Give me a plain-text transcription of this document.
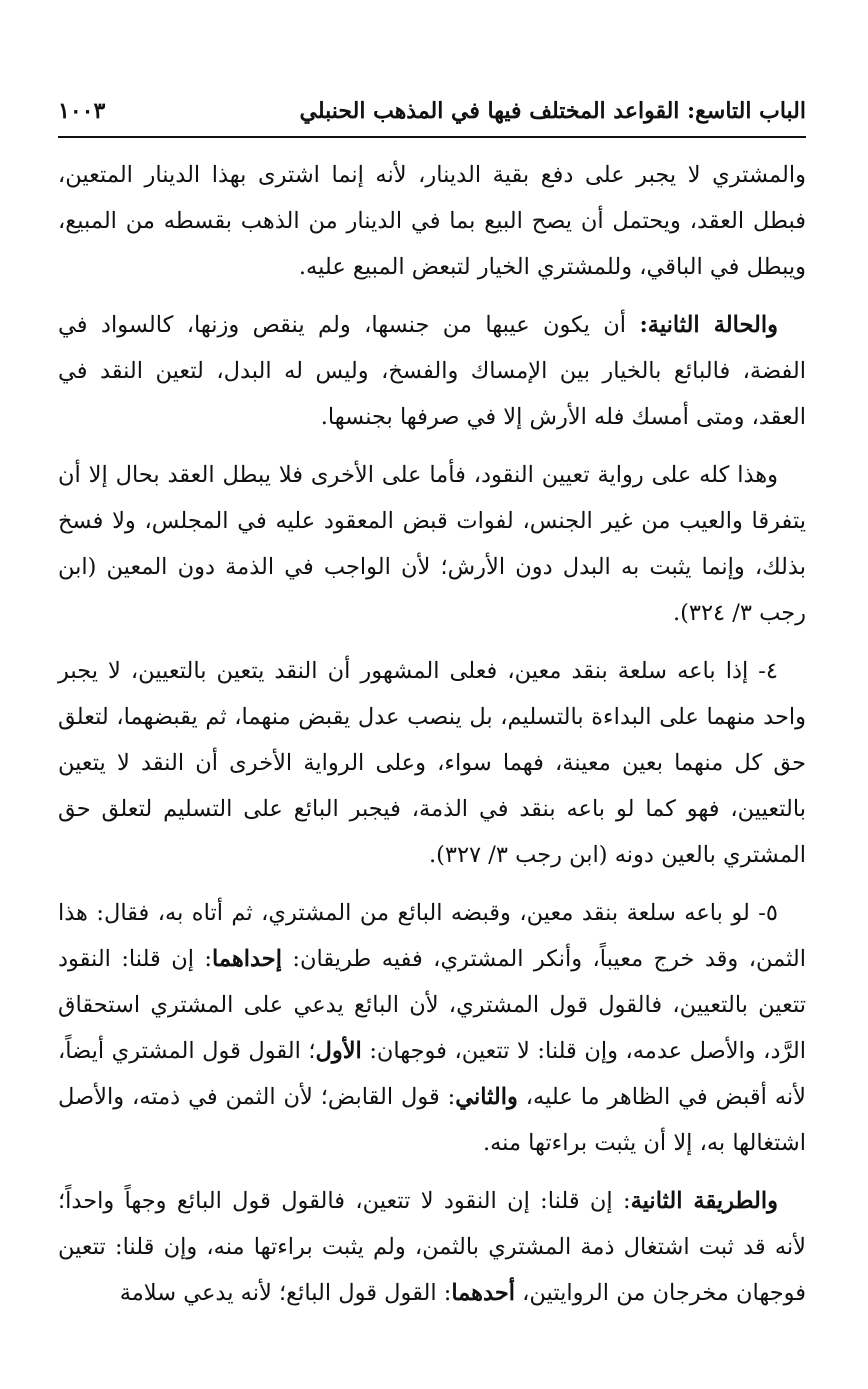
الباب التاسع: القواعد المختلف فيها في المذهب الحنبلي
١٠٠٣

والمشتري لا يجبر على دفع بقية الدينار، لأنه إنما اشترى بهذا الدينار المتعين، فبطل العقد، ويحتمل أن يصح البيع بما في الدينار من الذهب بقسطه من المبيع، ويبطل في الباقي، وللمشتري الخيار لتبعض المبيع عليه.

والحالة الثانية: أن يكون عيبها من جنسها، ولم ينقص وزنها، كالسواد في الفضة، فالبائع بالخيار بين الإمساك والفسخ، وليس له البدل، لتعين النقد في العقد، ومتى أمسك فله الأرش إلا في صرفها بجنسها.

وهذا كله على رواية تعيين النقود، فأما على الأخرى فلا يبطل العقد بحال إلا أن يتفرقا والعيب من غير الجنس، لفوات قبض المعقود عليه في المجلس، ولا فسخ بذلك، وإنما يثبت به البدل دون الأرش؛ لأن الواجب في الذمة دون المعين (ابن رجب ٣/ ٣٢٤).

٤- إذا باعه سلعة بنقد معين، فعلى المشهور أن النقد يتعين بالتعيين، لا يجبر واحد منهما على البداءة بالتسليم، بل ينصب عدل يقبض منهما، ثم يقبضهما، لتعلق حق كل منهما بعين معينة، فهما سواء، وعلى الرواية الأخرى أن النقد لا يتعين بالتعيين، فهو كما لو باعه بنقد في الذمة، فيجبر البائع على التسليم لتعلق حق المشتري بالعين دونه (ابن رجب ٣/ ٣٢٧).

٥- لو باعه سلعة بنقد معين، وقبضه البائع من المشتري، ثم أتاه به، فقال: هذا الثمن، وقد خرج معيباً، وأنكر المشتري، ففيه طريقان: إحداهما: إن قلنا: النقود تتعين بالتعيين، فالقول قول المشتري، لأن البائع يدعي على المشتري استحقاق الرَّد، والأصل عدمه، وإن قلنا: لا تتعين، فوجهان: الأول؛ القول قول المشتري أيضاً، لأنه أقبض في الظاهر ما عليه، والثاني: قول القابض؛ لأن الثمن في ذمته، والأصل اشتغالها به، إلا أن يثبت براءتها منه.

والطريقة الثانية: إن قلنا: إن النقود لا تتعين، فالقول قول البائع وجهاً واحداً؛ لأنه قد ثبت اشتغال ذمة المشتري بالثمن، ولم يثبت براءتها منه، وإن قلنا: تتعين فوجهان مخرجان من الروايتين، أحدهما: القول قول البائع؛ لأنه يدعي سلامة
